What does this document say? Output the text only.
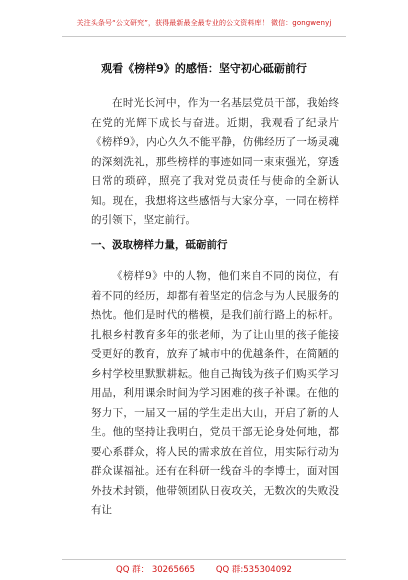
关注头条号“公文研究”，获得最新最全最专业的公文资料库！ 微信：gongwenyj
观看《榜样9》的感悟：坚守初心砥砺前行

在时光长河中，作为一名基层党员干部，我始终在党的光辉下成长与奋进。近期，我观看了纪录片《榜样9》，内心久久不能平静，仿佛经历了一场灵魂的深刻洗礼，那些榜样的事迹如同一束束强光，穿透日常的琐碎，照亮了我对党员责任与使命的全新认知。现在，我想将这些感悟与大家分享，一同在榜样的引领下，坚定前行。

一、汲取榜样力量，砥砺前行

《榜样9》中的人物，他们来自不同的岗位，有着不同的经历，却都有着坚定的信念与为人民服务的热忱。他们是时代的楷模，是我们前行路上的标杆。扎根乡村教育多年的张老师，为了让山里的孩子能接受更好的教育，放弃了城市中的优越条件，在简陋的乡村学校里默默耕耘。他自己掏钱为孩子们购买学习用品，利用课余时间为学习困难的孩子补课。在他的努力下，一届又一届的学生走出大山，开启了新的人生。他的坚持让我明白，党员干部无论身处何地，都要心系群众，将人民的需求放在首位，用实际行动为群众谋福祉。还有在科研一线奋斗的李博士，面对国外技术封锁，他带领团队日夜攻关，无数次的失败没有让

QQ 群： 30265665 QQ 群:535304092
